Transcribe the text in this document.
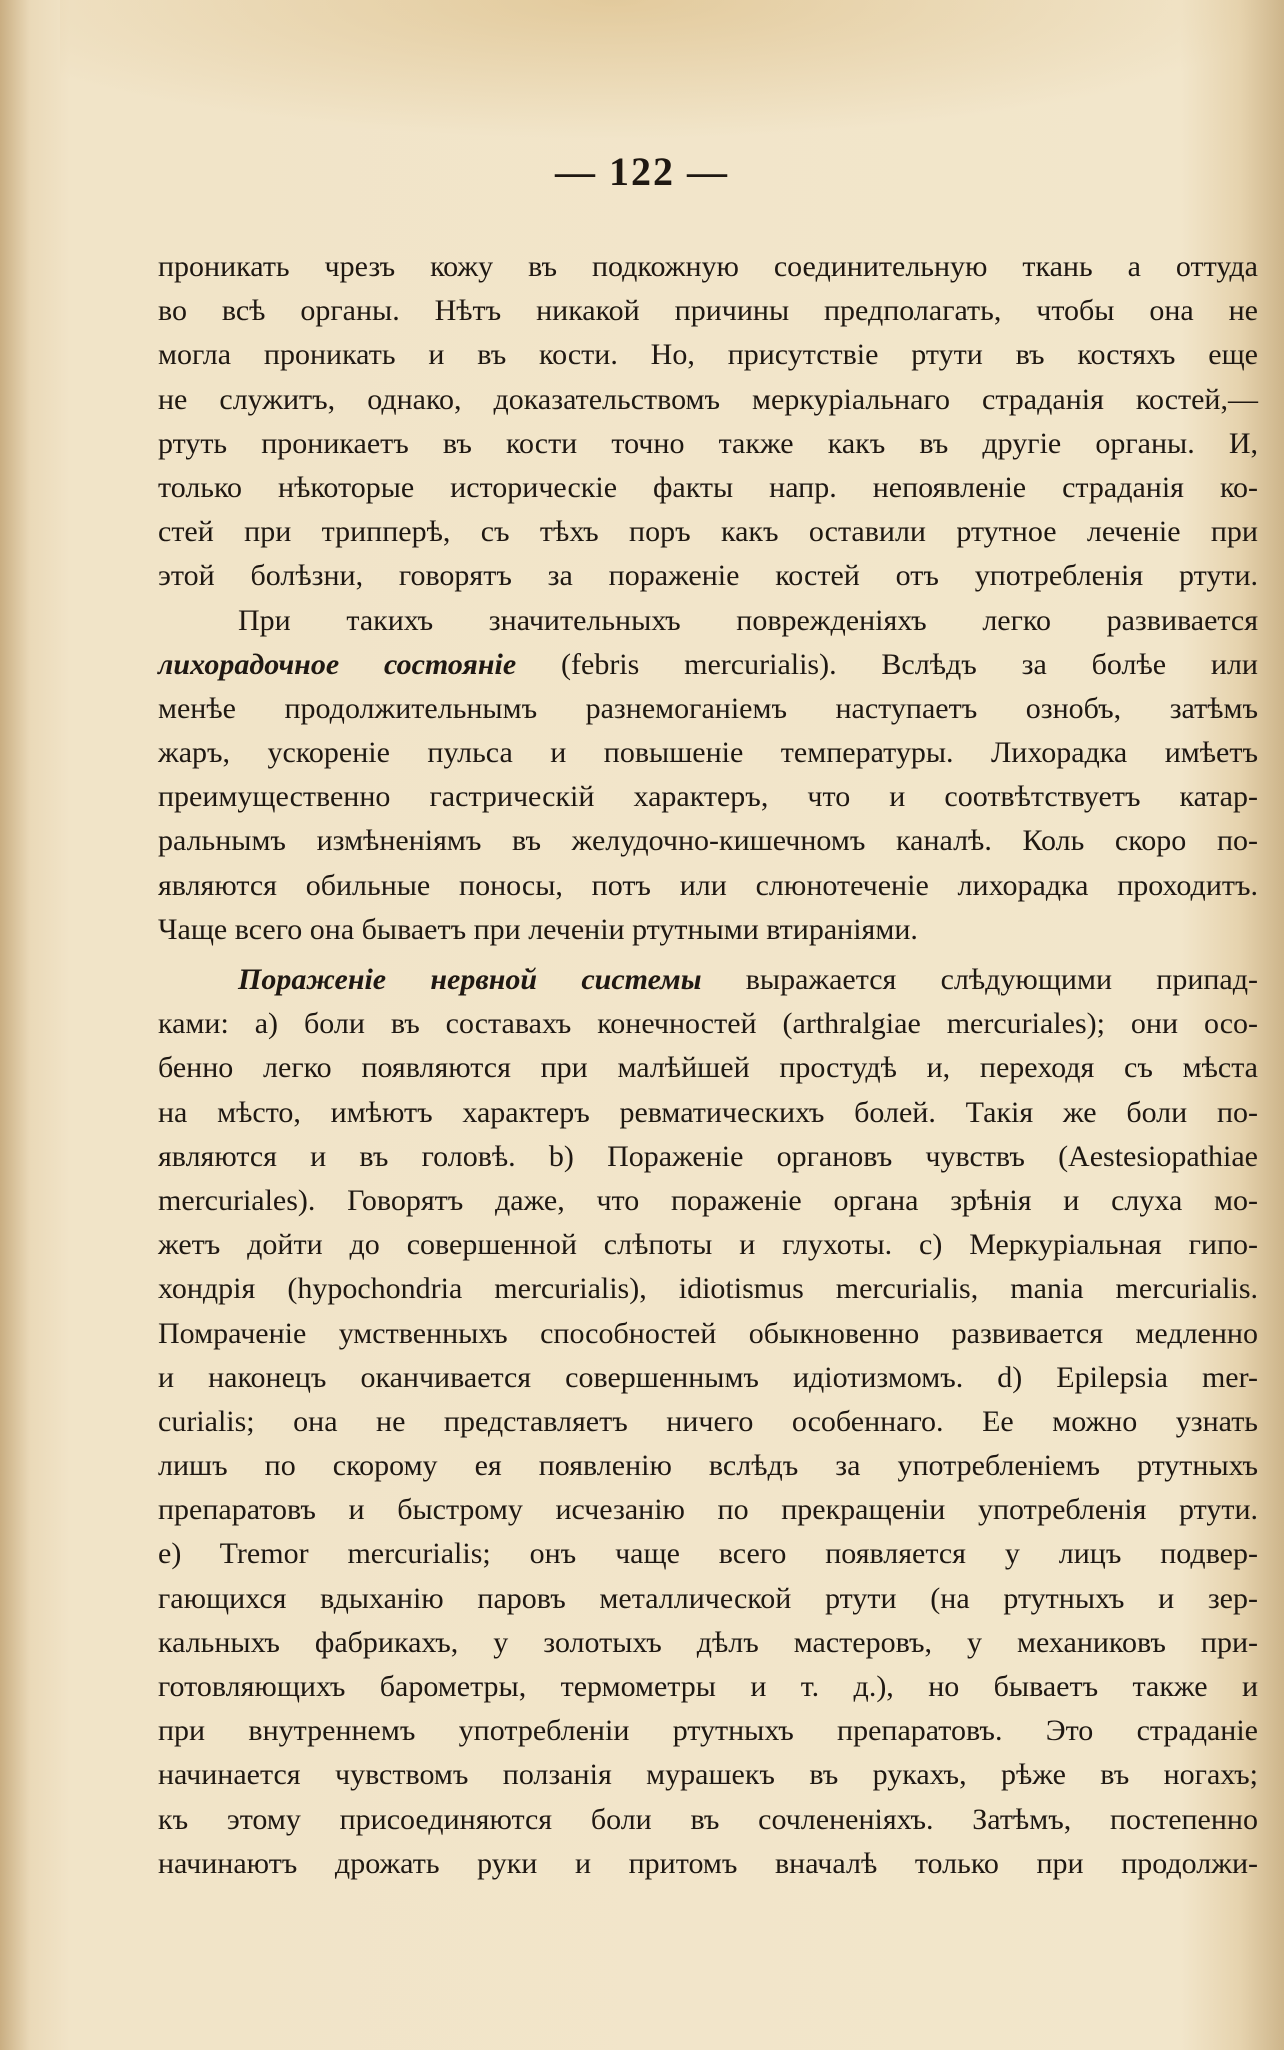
— 122 —
проникать чрезъ кожу въ подкожную соединительную ткань а оттуда
во всѣ органы. Нѣтъ никакой причины предполагать, чтобы она не
могла проникать и въ кости. Но, присутствіе ртути въ костяхъ еще
не служитъ, однако, доказательствомъ меркуріальнаго страданія костей,—
ртуть проникаетъ въ кости точно также какъ въ другіе органы. И,
только нѣкоторые историческіе факты напр. непоявленіе страданія ко-
стей при трипперѣ, съ тѣхъ поръ какъ оставили ртутное леченіе при
этой болѣзни, говорятъ за пораженіе костей отъ употребленія ртути.
При такихъ значительныхъ поврежденіяхъ легко развивается
лихорадочное состояніе (febris mercurialis). Вслѣдъ за болѣе или
менѣе продолжительнымъ разнемоганіемъ наступаетъ ознобъ, затѣмъ
жаръ, ускореніе пульса и повышеніе температуры. Лихорадка имѣетъ
преимущественно гастрическій характеръ, что и соотвѣтствуетъ катар-
ральнымъ измѣненіямъ въ желудочно-кишечномъ каналѣ. Коль скоро по-
являются обильные поносы, потъ или слюнотеченіе лихорадка проходитъ.
Чаще всего она бываетъ при леченіи ртутными втираніями.
Пораженіе нервной системы выражается слѣдующими припад-
ками: a) боли въ составахъ конечностей (arthralgiae mercuriales); они осо-
бенно легко появляются при малѣйшей простудѣ и, переходя съ мѣста
на мѣсто, имѣютъ характеръ ревматическихъ болей. Такія же боли по-
являются и въ головѣ. b) Пораженіе органовъ чувствъ (Aestesiopathiae
mercuriales). Говорятъ даже, что пораженіе органа зрѣнія и слуха мо-
жетъ дойти до совершенной слѣпоты и глухоты. c) Меркуріальная гипо-
хондрія (hypochondria mercurialis), idiotismus mercurialis, mania mercurialis.
Помраченіе умственныхъ способностей обыкновенно развивается медленно
и наконецъ оканчивается совершеннымъ идіотизмомъ. d) Epilepsia mer-
curialis; она не представляетъ ничего особеннаго. Ее можно узнать
лишъ по скорому ея появленію вслѣдъ за употребленіемъ ртутныхъ
препаратовъ и быстрому исчезанію по прекращеніи употребленія ртути.
e) Tremor mercurialis; онъ чаще всего появляется у лицъ подвер-
гающихся вдыханію паровъ металлической ртути (на ртутныхъ и зер-
кальныхъ фабрикахъ, у золотыхъ дѣлъ мастеровъ, у механиковъ при-
готовляющихъ барометры, термометры и т. д.), но бываетъ также и
при внутреннемъ употребленіи ртутныхъ препаратовъ. Это страданіе
начинается чувствомъ ползанія мурашекъ въ рукахъ, рѣже въ ногахъ;
къ этому присоединяются боли въ сочлененіяхъ. Затѣмъ, постепенно
начинаютъ дрожать руки и притомъ вначалѣ только при продолжи-
